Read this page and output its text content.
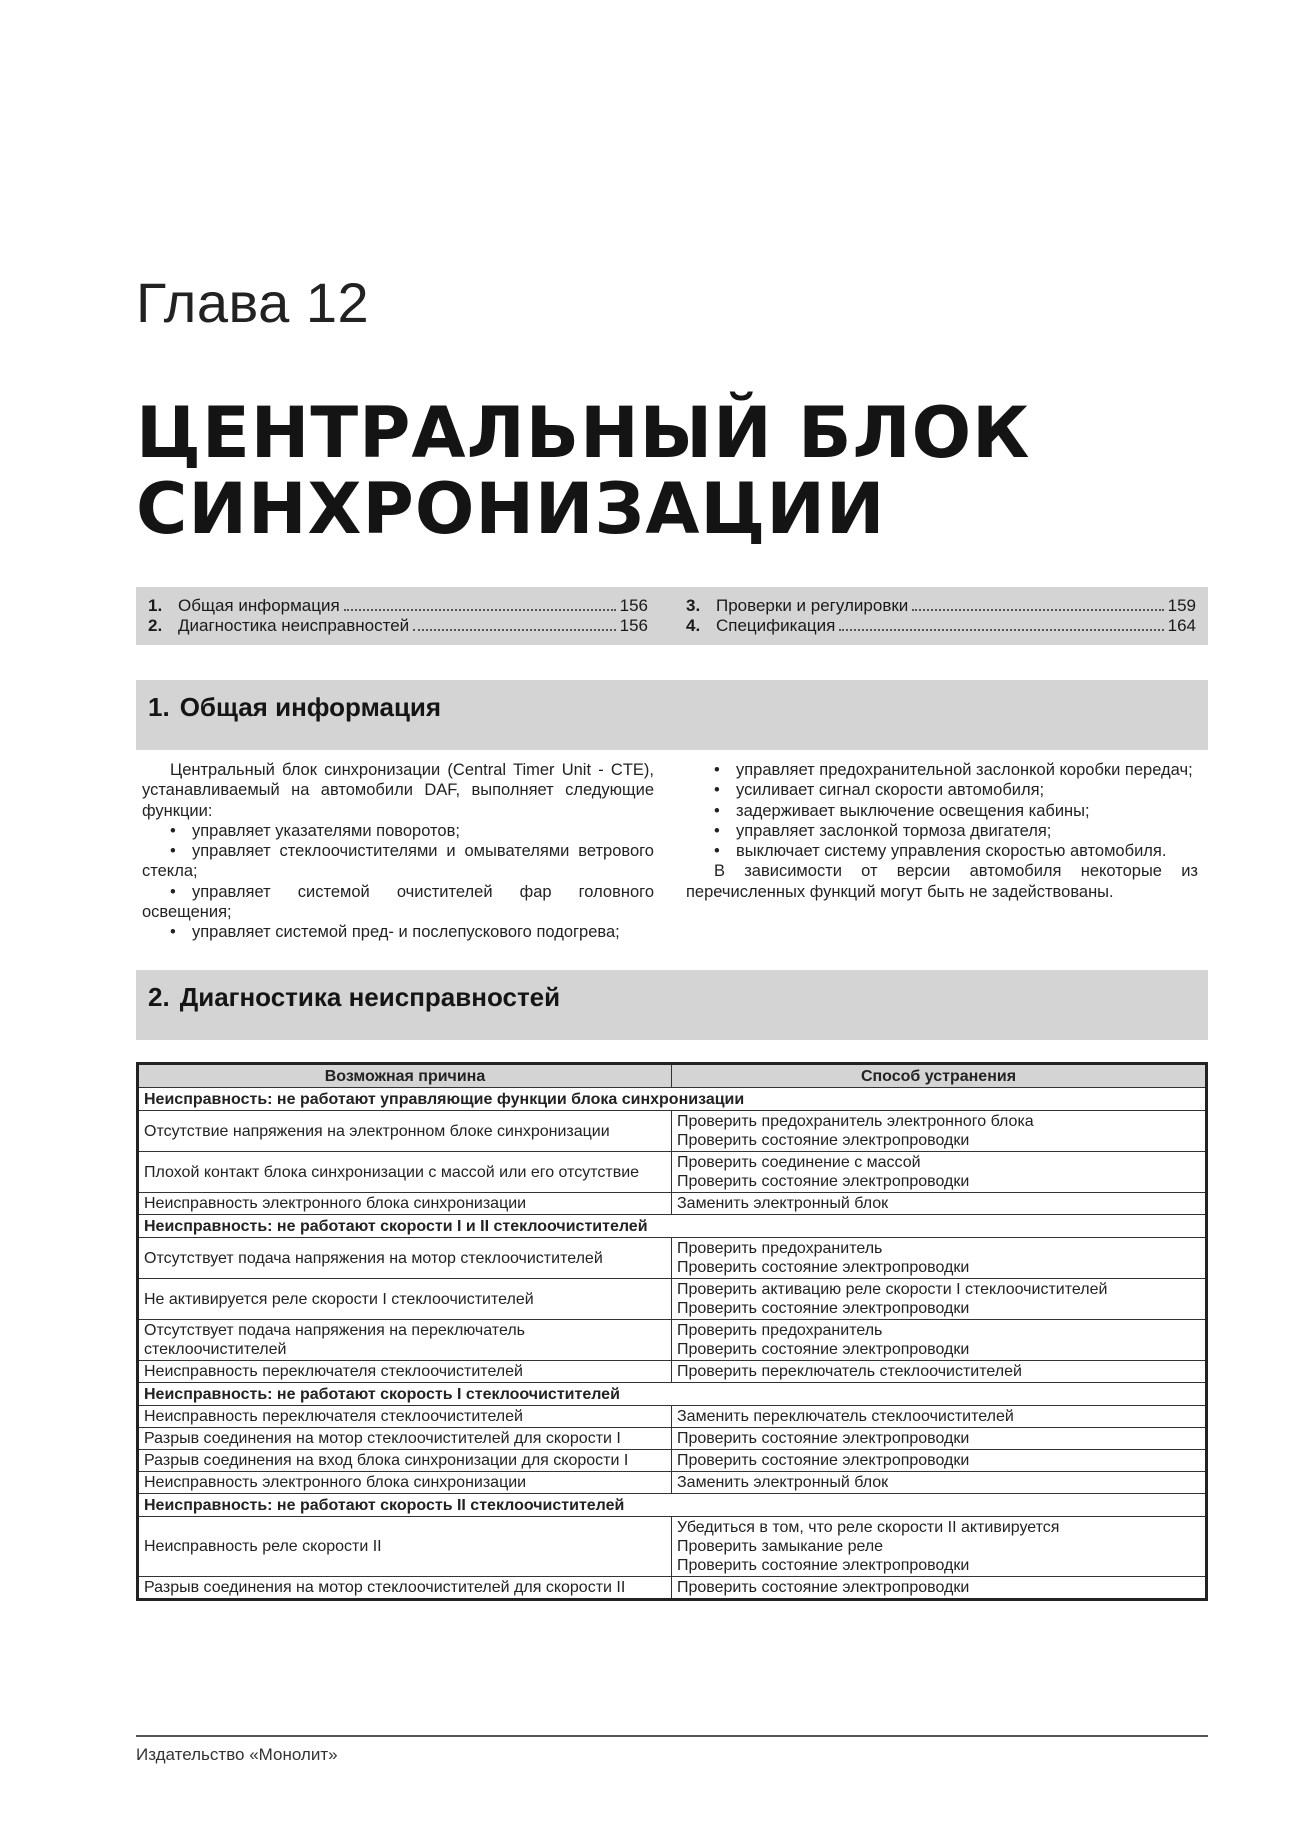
Глава 12
ЦЕНТРАЛЬНЫЙ БЛОК
СИНХРОНИЗАЦИИ
1. Общая информация	156
2. Диагностика неисправностей	156
3. Проверки и регулировки	159
4. Спецификация	164
1. Общая информация

Центральный блок синхронизации (Central Timer Unit - CTE), устанавливаемый на автомобили DAF, выполняет следующие функции:

• управляет указателями поворотов;
• управляет стеклоочистителями и омывателями ветрового стекла;
• управляет системой очистителей фар головного освещения;
• управляет системой пред- и послепускового подогрева;
• управляет предохранительной заслонкой коробки передач;
• усиливает сигнал скорости автомобиля;
• задерживает выключение освещения кабины;
• управляет заслонкой тормоза двигателя;
• выключает систему управления скоростью автомобиля.

В зависимости от версии автомобиля некоторые из перечисленных функций могут быть не задействованы.

2. Диагностика неисправностей
Возможная причина	Способ устранения
Неисправность: не работают управляющие функции блока синхронизации	
Отсутствие напряжения на электронном блоке синхронизации	Проверить предохранитель электронного блока
Проверить состояние электропроводки

Плохой контакт блока синхронизации с массой или его отсутствие	Проверить соединение с массой
Проверить состояние электропроводки

Неисправность электронного блока синхронизации	Заменить электронный блок

Неисправность: не работают скорости I и II стеклоочистителей	
Отсутствует подача напряжения на мотор стеклоочистителей	Проверить предохранитель
Проверить состояние электропроводки

Не активируется реле скорости I стеклоочистителей	Проверить активацию реле скорости I стеклоочистителей
Проверить состояние электропроводки

Отсутствует подача напряжения на переключатель стеклоочистителей	Проверить предохранитель
Проверить состояние электропроводки

Неисправность переключателя стеклоочистителей	Проверить переключатель стеклоочистителей

Неисправность: не работают скорость I стеклоочистителей	
Неисправность переключателя стеклоочистителей	Заменить переключатель стеклоочистителей

Разрыв соединения на мотор стеклоочистителей для скорости I	Проверить состояние электропроводки

Разрыв соединения на вход блока синхронизации для скорости I	Проверить состояние электропроводки

Неисправность электронного блока синхронизации	Заменить электронный блок

Неисправность: не работают скорость II стеклоочистителей	
Неисправность реле скорости II	Убедиться в том, что реле скорости II активируется
Проверить замыкание реле
Проверить состояние электропроводки

Разрыв соединения на мотор стеклоочистителей для скорости II	Проверить состояние электропроводки
Издательство «Монолит»
